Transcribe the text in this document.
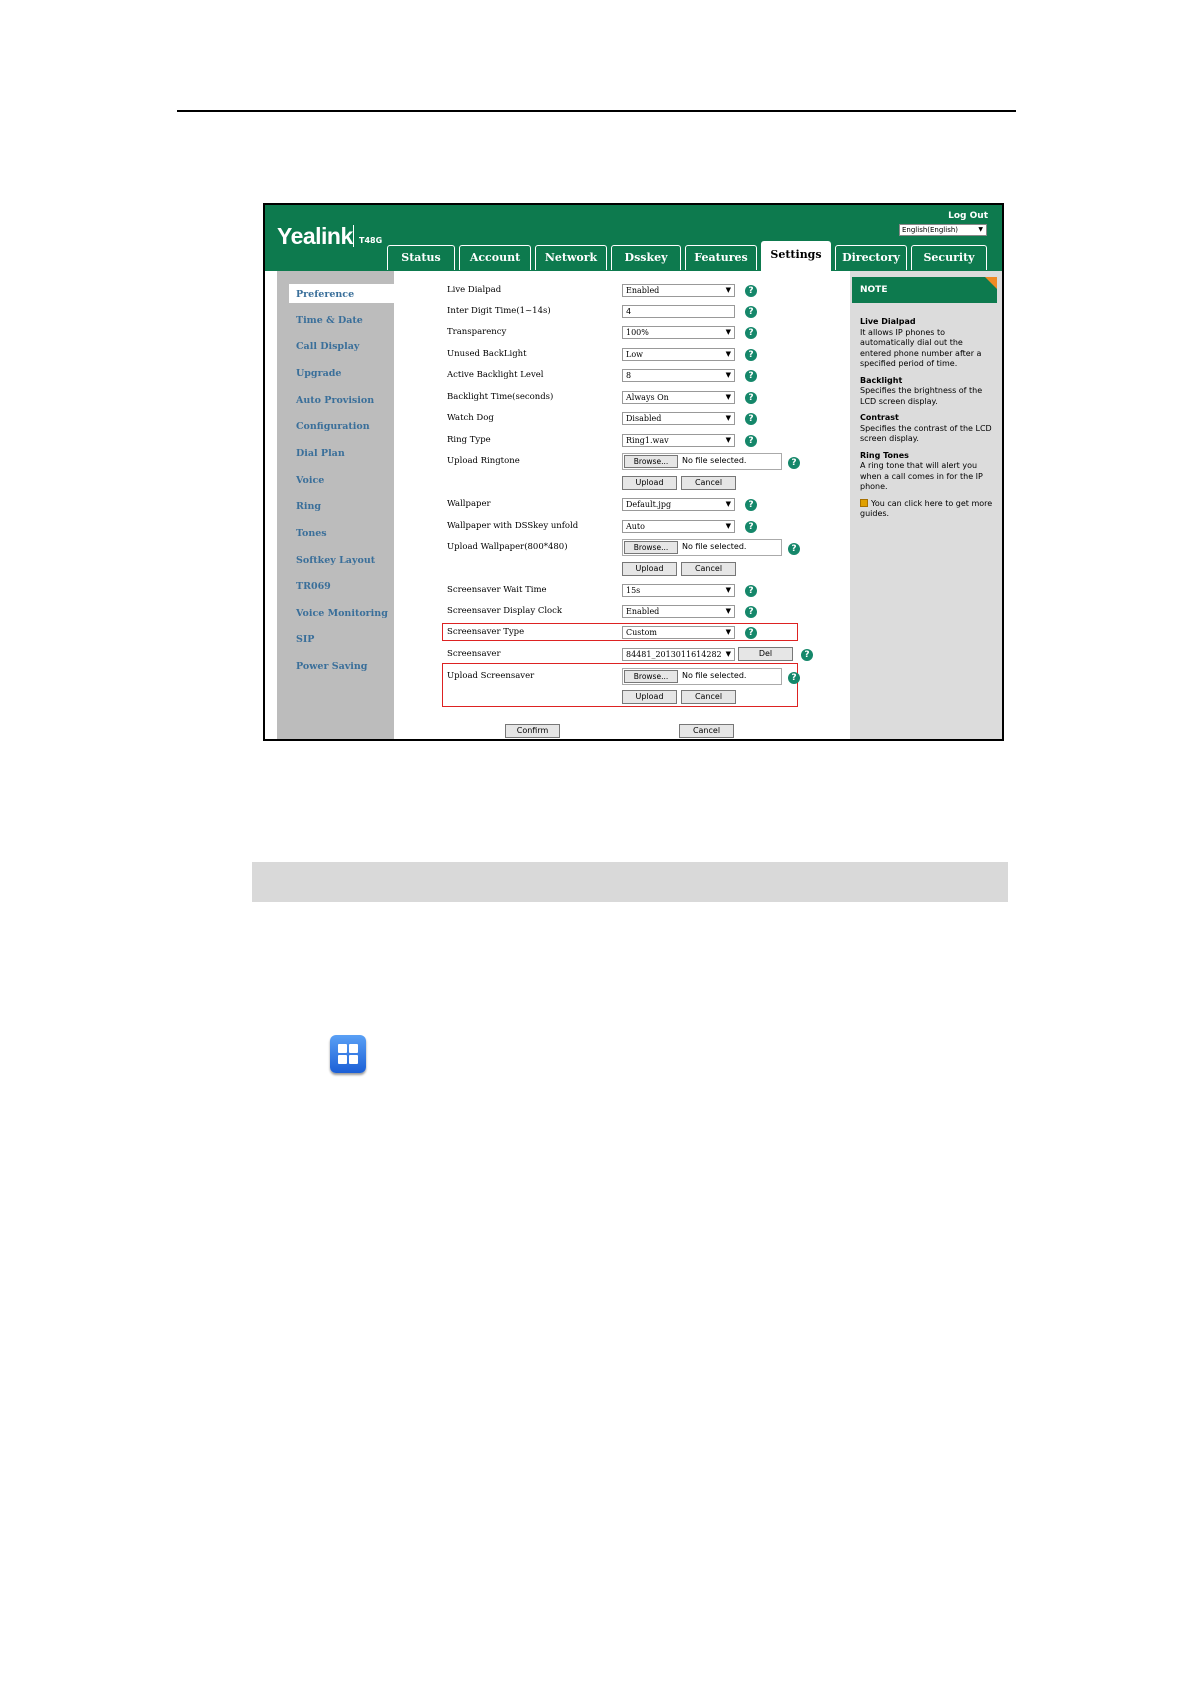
Yealink T48G
Log Out
English(English)	▼
Status	Account	Network	Dsskey	Features	Settings	Directory	Security
Preference
Time & Date
Call Display
Upgrade
Auto Provision
Configuration
Dial Plan
Voice
Ring
Tones
Softkey Layout
TR069
Voice Monitoring
SIP
Power Saving
Live Dialpad	Enabled	▼	?
Inter Digit Time(1~14s)	4	?
Transparency	100%	▼	?
Unused BackLight	Low	▼	?
Active Backlight Level	8	▼	?
Backlight Time(seconds)	Always On	▼	?
Watch Dog	Disabled	▼	?
Ring Type	Ring1.wav	▼	?
Upload Ringtone	Browse...	No file selected.	?
Upload	Cancel
Wallpaper	Default.jpg	▼	?
Wallpaper with DSSkey unfold	Auto	▼	?
Upload Wallpaper(800*480)	Browse...	No file selected.	?
Upload	Cancel
Screensaver Wait Time	15s	▼	?
Screensaver Display Clock	Enabled	▼	?
Screensaver Type	Custom	▼	?
Screensaver	84481_2013011614282 ▼	Del	?
Upload Screensaver	Browse...	No file selected.	?
Upload	Cancel
Confirm	Cancel
NOTE

Live Dialpad
It allows IP phones to automatically dial out the entered phone number after a specified period of time.

Backlight
Specifies the brightness of the LCD screen display.

Contrast
Specifies the contrast of the LCD screen display.

Ring Tones
A ring tone that will alert you when a call comes in for the IP phone.

You can click here to get more guides.
